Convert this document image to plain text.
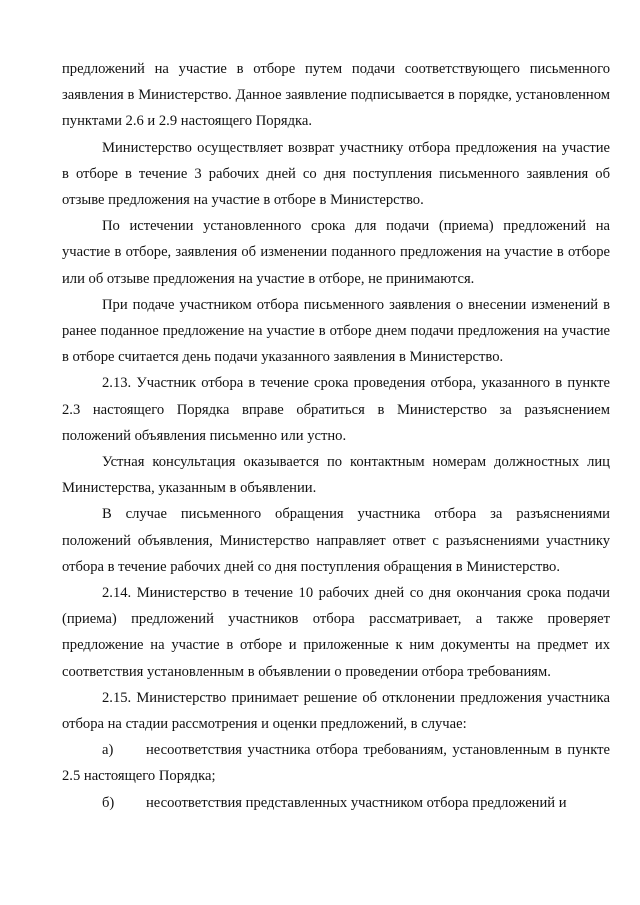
предложений на участие в отборе путем подачи соответствующего письменного заявления в Министерство. Данное заявление подписывается в порядке, установленном пунктами 2.6 и 2.9 настоящего Порядка.

Министерство осуществляет возврат участнику отбора предложения на участие в отборе в течение 3 рабочих дней со дня поступления письменного заявления об отзыве предложения на участие в отборе в Министерство.

По истечении установленного срока для подачи (приема) предложений на участие в отборе, заявления об изменении поданного предложения на участие в отборе или об отзыве предложения на участие в отборе, не принимаются.

При подаче участником отбора письменного заявления о внесении изменений в ранее поданное предложение на участие в отборе днем подачи предложения на участие в отборе считается день подачи указанного заявления в Министерство.

2.13. Участник отбора в течение срока проведения отбора, указанного в пункте 2.3 настоящего Порядка вправе обратиться в Министерство за разъяснением положений объявления письменно или устно.

Устная консультация оказывается по контактным номерам должностных лиц Министерства, указанным в объявлении.

В случае письменного обращения участника отбора за разъяснениями положений объявления, Министерство направляет ответ с разъяснениями участнику отбора в течение рабочих дней со дня поступления обращения в Министерство.

2.14. Министерство в течение 10 рабочих дней со дня окончания срока подачи (приема) предложений участников отбора рассматривает, а также проверяет предложение на участие в отборе и приложенные к ним документы на предмет их соответствия установленным в объявлении о проведении отбора требованиям.

2.15. Министерство принимает решение об отклонении предложения участника отбора на стадии рассмотрения и оценки предложений, в случае:

а) несоответствия участника отбора требованиям, установленным в пункте 2.5 настоящего Порядка;

б) несоответствия представленных участником отбора предложений и
